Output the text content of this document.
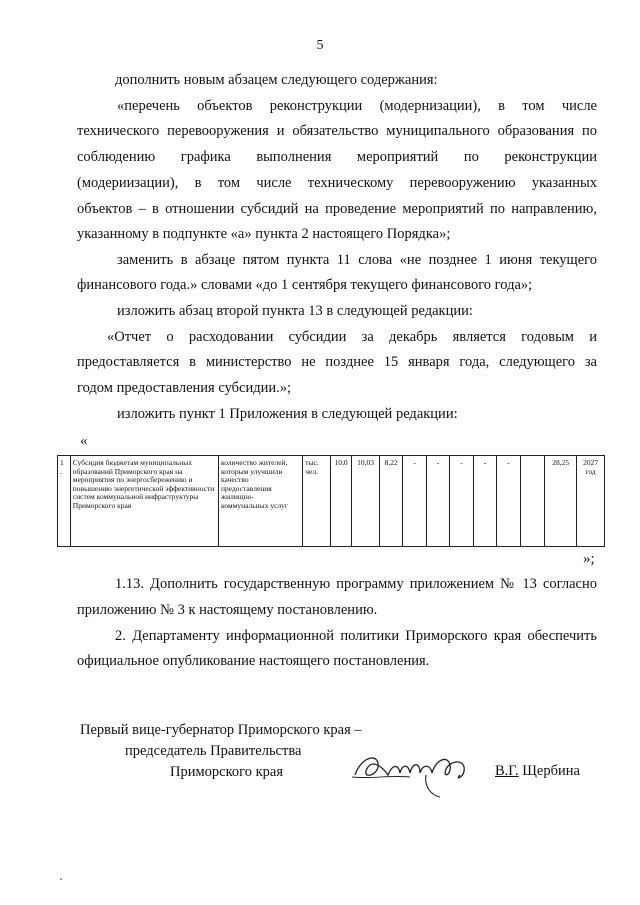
5
дополнить новым абзацем следующего содержания:
«перечень объектов реконструкции (модернизации), в том числе
технического перевооружения и обязательство муниципального образования по
соблюдению графика выполнения мероприятий по реконструкции
(модериизации), в том числе техническому перевооружению указанных
объектов – в отношении субсидий на проведение мероприятий по направлению,
указанному в подпункте «а» пункта 2 настоящего Порядка»;
заменить в абзаце пятом пункта 11 слова «не позднее 1 июня текущего
финансового года.» словами «до 1 сентября текущего финансового года»;
изложить абзац второй пункта 13 в следующей редакции:
«Отчет о расходовании субсидии за декабрь является годовым и
предоставляется в министерство не позднее 15 января года, следующего за
годом предоставления субсидии.»;
изложить пункт 1 Приложения в следующей редакции:
«
1
.	Субсидия бюджетам муниципальных образований Приморского края на мероприятия по энергосбережению и повышению энергетической эффективности систем коммунальной инфраструктуры Приморского края	количество жителей, которым улучшили качество предоставления жилищно-коммунальных услуг	тыс. чел.	10,0	10,03	8,22	-	-	-	-	-		28,25	2027 год
»;
1.13. Дополнить государственную программу приложением № 13 согласно
приложению № 3 к настоящему постановлению.
2. Департаменту информационной политики Приморского края обеспечить
официальное опубликование настоящего постановления.
Первый вице-губернатор Приморского края –
председатель Правительства
Приморского края	В.Г. Щербина
